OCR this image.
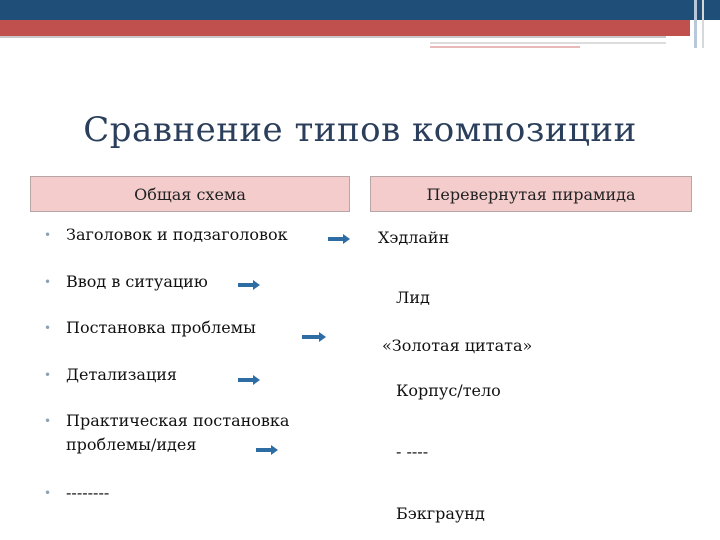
Сравнение типов композиции
Общая схема	Перевернутая пирамида
• Заголовок и подзаголовок
• Ввод в ситуацию
• Постановка проблемы
• Детализация
• Практическая постановка
проблемы/идея
• --------
Хэдлайн
Лид
«Золотая цитата»
Корпус/тело
- ----
Бэкграунд
